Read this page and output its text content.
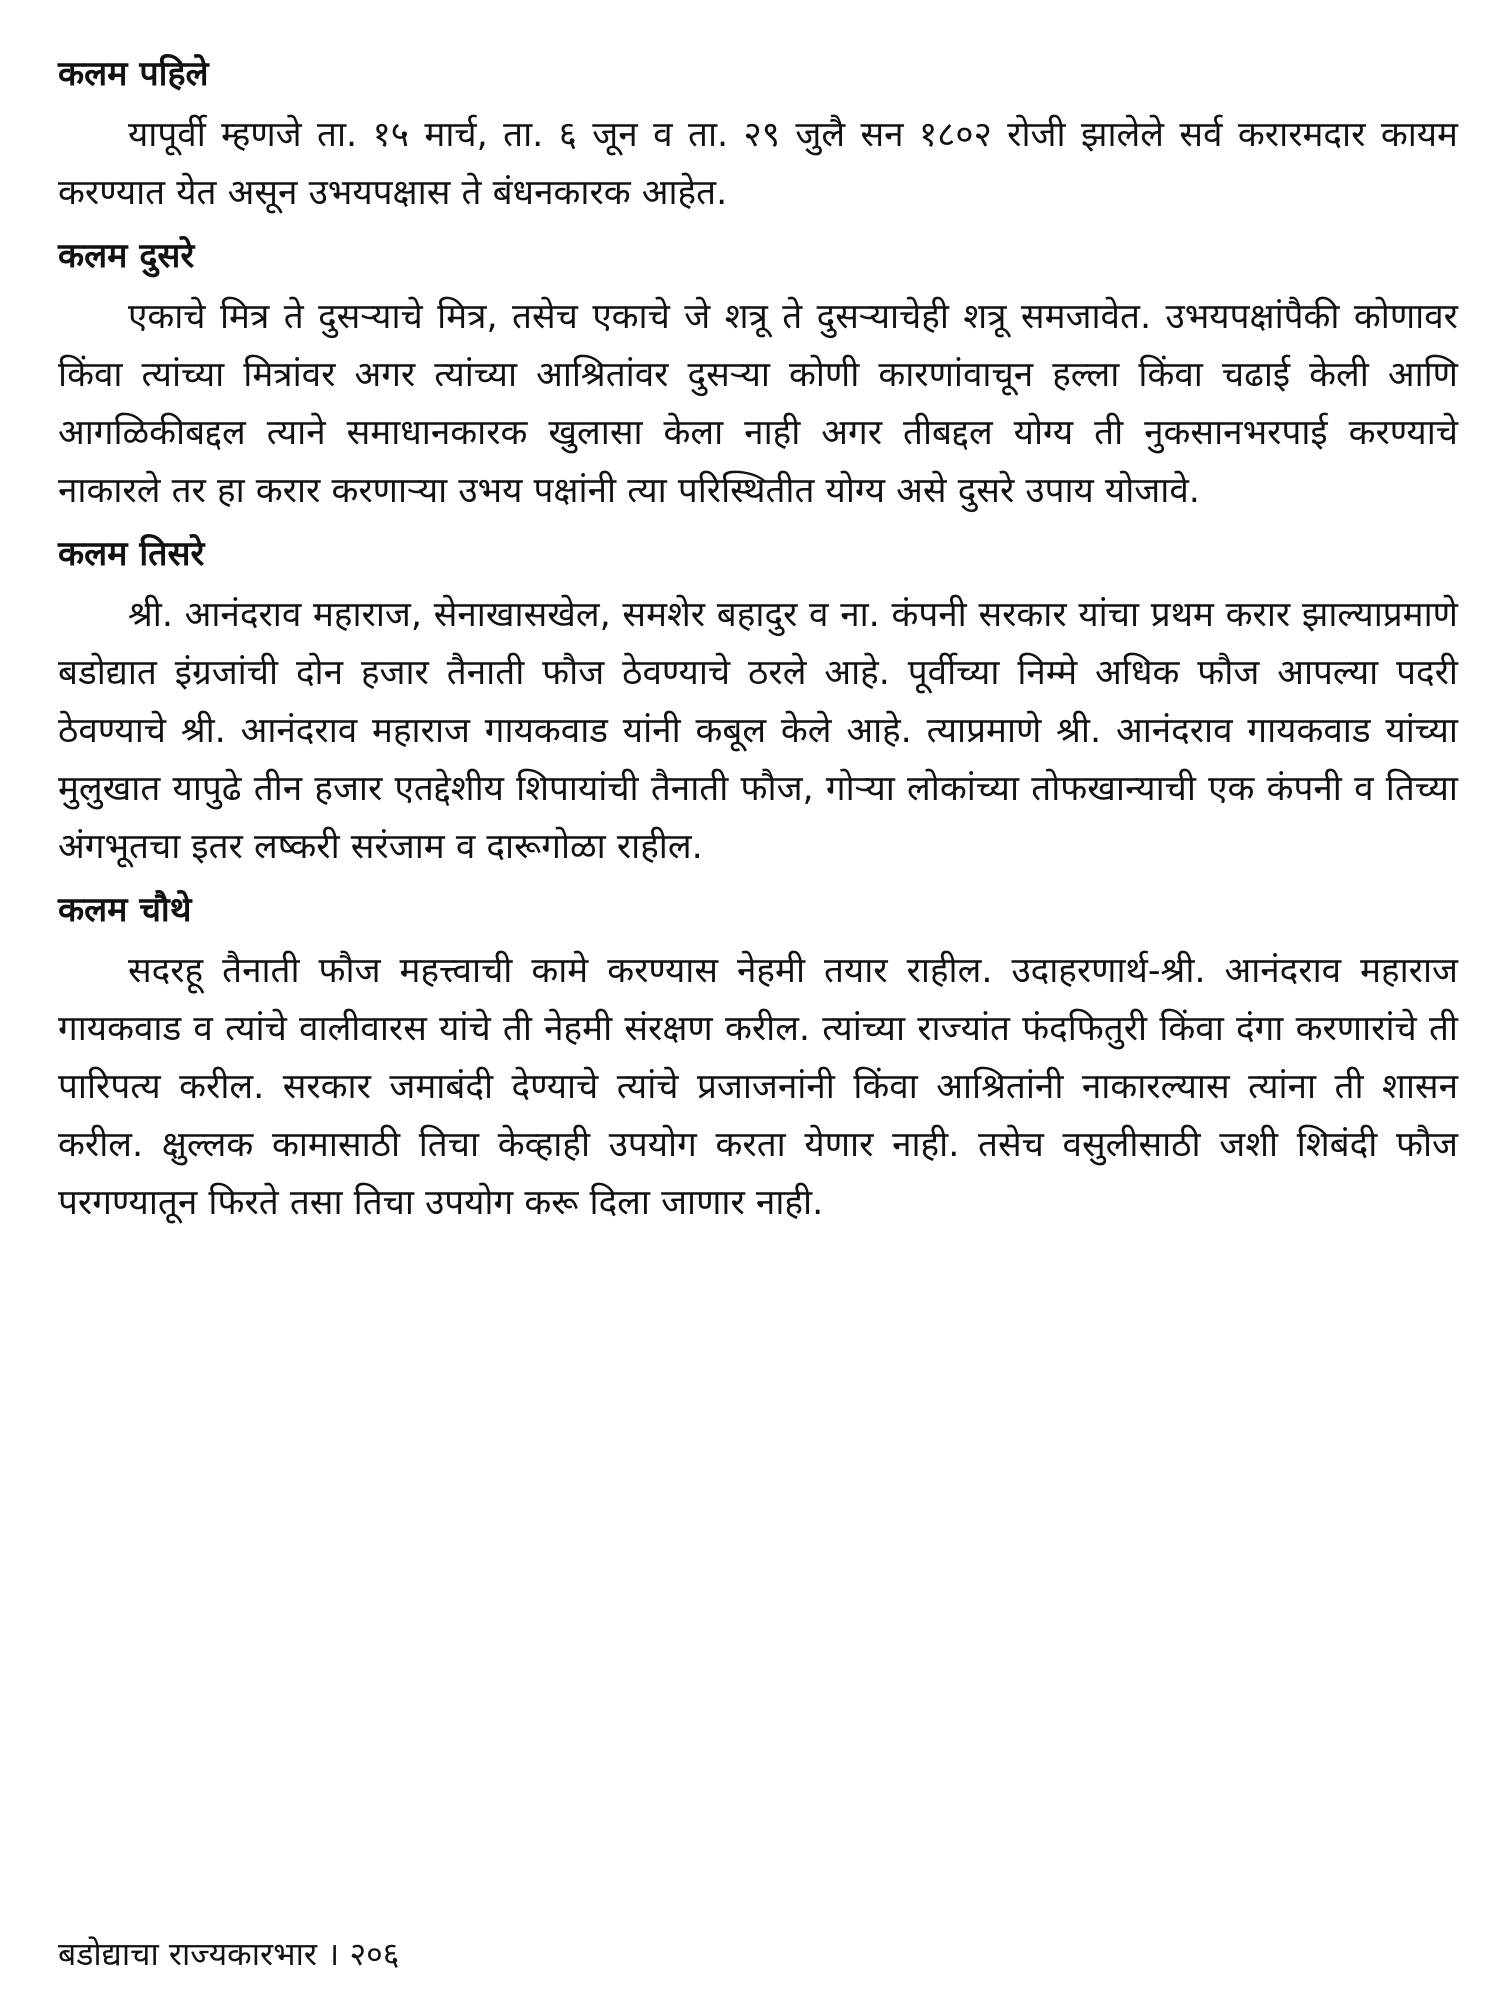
कलम पहिले

यापूर्वी म्हणजे ता. १५ मार्च, ता. ६ जून व ता. २९ जुलै सन १८०२ रोजी झालेले सर्व करारमदार कायम करण्यात येत असून उभयपक्षास ते बंधनकारक आहेत.

कलम दुसरे

एकाचे मित्र ते दुसऱ्याचे मित्र, तसेच एकाचे जे शत्रू ते दुसऱ्याचेही शत्रू समजावेत. उभयपक्षांपैकी कोणावर किंवा त्यांच्या मित्रांवर अगर त्यांच्या आश्रितांवर दुसऱ्या कोणी कारणांवाचून हल्ला किंवा चढाई केली आणि आगळिकीबद्दल त्याने समाधानकारक खुलासा केला नाही अगर तीबद्दल योग्य ती नुकसानभरपाई करण्याचे नाकारले तर हा करार करणाऱ्या उभय पक्षांनी त्या परिस्थितीत योग्य असे दुसरे उपाय योजावे.

कलम तिसरे

श्री. आनंदराव महाराज, सेनाखासखेल, समशेर बहादुर व ना. कंपनी सरकार यांचा प्रथम करार झाल्याप्रमाणे बडोद्यात इंग्रजांची दोन हजार तैनाती फौज ठेवण्याचे ठरले आहे. पूर्वीच्या निम्मे अधिक फौज आपल्या पदरी ठेवण्याचे श्री. आनंदराव महाराज गायकवाड यांनी कबूल केले आहे. त्याप्रमाणे श्री. आनंदराव गायकवाड यांच्या मुलुखात यापुढे तीन हजार एतद्देशीय शिपायांची तैनाती फौज, गोऱ्या लोकांच्या तोफखान्याची एक कंपनी व तिच्या अंगभूतचा इतर लष्करी सरंजाम व दारूगोळा राहील.

कलम चौथे

सदरहू तैनाती फौज महत्त्वाची कामे करण्यास नेहमी तयार राहील. उदाहरणार्थ-श्री. आनंदराव महाराज गायकवाड व त्यांचे वालीवारस यांचे ती नेहमी संरक्षण करील. त्यांच्या राज्यांत फंदफितुरी किंवा दंगा करणारांचे ती पारिपत्य करील. सरकार जमाबंदी देण्याचे त्यांचे प्रजाजनांनी किंवा आश्रितांनी नाकारल्यास त्यांना ती शासन करील. क्षुल्लक कामासाठी तिचा केव्हाही उपयोग करता येणार नाही. तसेच वसुलीसाठी जशी शिबंदी फौज परगण्यातून फिरते तसा तिचा उपयोग करू दिला जाणार नाही.

बडोद्याचा राज्यकारभार । २०६
